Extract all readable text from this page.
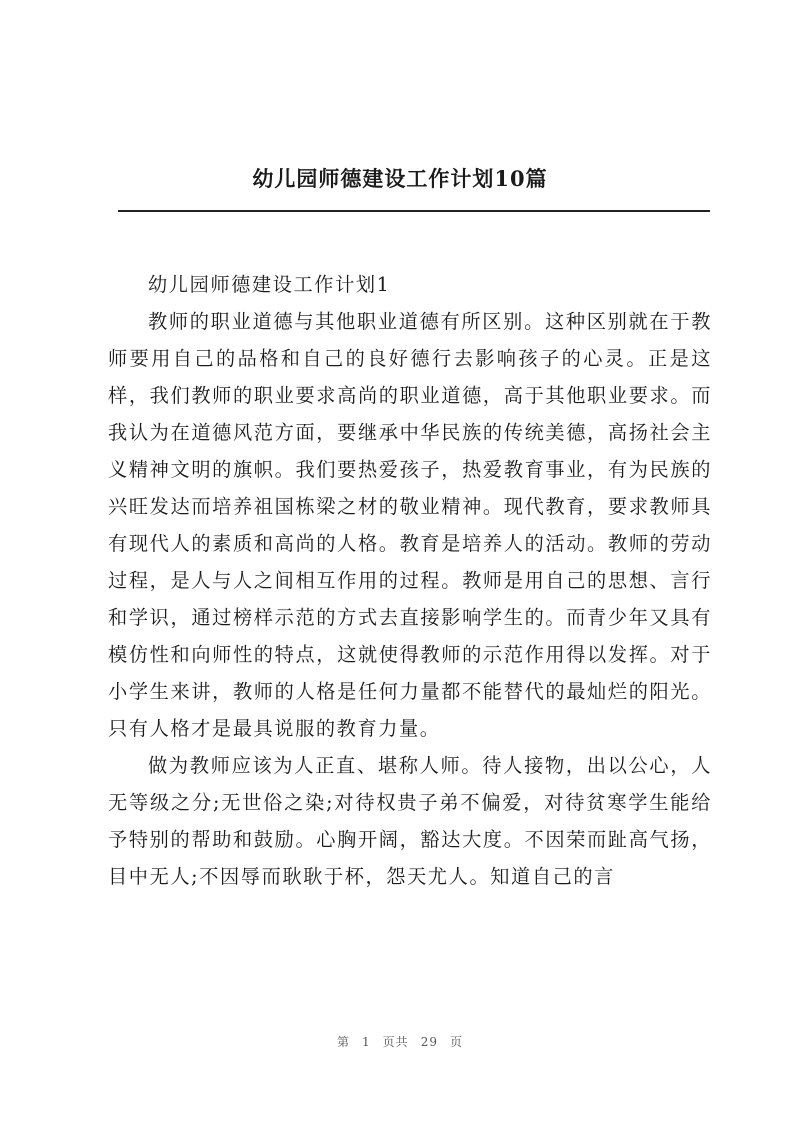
幼儿园师德建设工作计划10篇

幼儿园师德建设工作计划1

教师的职业道德与其他职业道德有所区别。这种区别就在于教师要用自己的品格和自己的良好德行去影响孩子的心灵。正是这样，我们教师的职业要求高尚的职业道德，高于其他职业要求。而我认为在道德风范方面，要继承中华民族的传统美德，高扬社会主义精神文明的旗帜。我们要热爱孩子，热爱教育事业，有为民族的兴旺发达而培养祖国栋梁之材的敬业精神。现代教育，要求教师具有现代人的素质和高尚的人格。教育是培养人的活动。教师的劳动过程，是人与人之间相互作用的过程。教师是用自己的思想、言行和学识，通过榜样示范的方式去直接影响学生的。而青少年又具有模仿性和向师性的特点，这就使得教师的示范作用得以发挥。对于小学生来讲，教师的人格是任何力量都不能替代的最灿烂的阳光。只有人格才是最具说服的教育力量。

做为教师应该为人正直、堪称人师。待人接物，出以公心，人无等级之分;无世俗之染;对待权贵子弟不偏爱，对待贫寒学生能给予特别的帮助和鼓励。心胸开阔，豁达大度。不因荣而趾高气扬，目中无人;不因辱而耿耿于杯，怨天尤人。知道自己的言

第 1 页共 29 页
